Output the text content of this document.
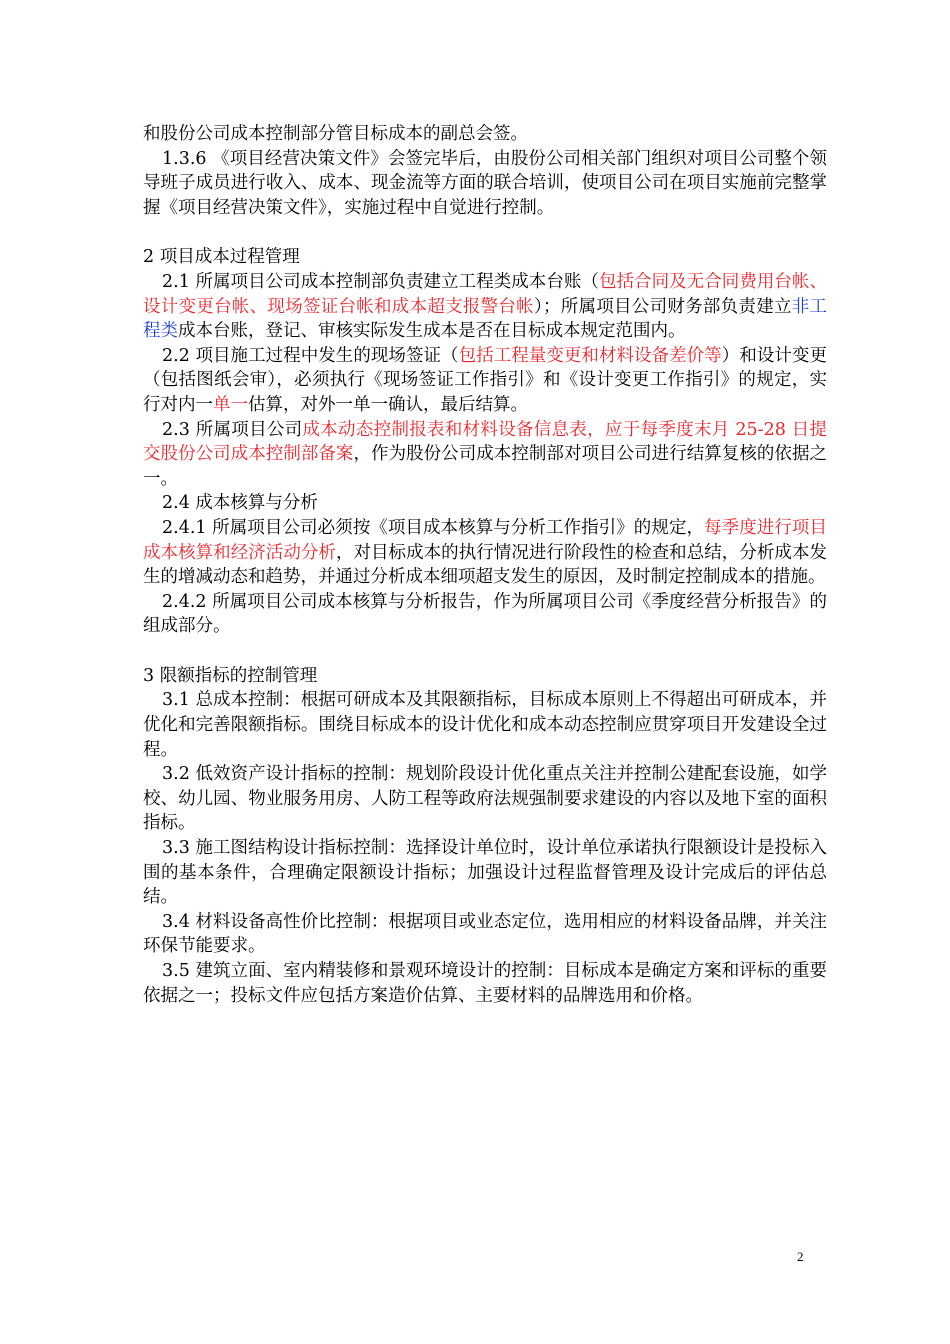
和股份公司成本控制部分管目标成本的副总会签。

1.3.6 《项目经营决策文件》会签完毕后，由股份公司相关部门组织对项目公司整个领导班子成员进行收入、成本、现金流等方面的联合培训，使项目公司在项目实施前完整掌握《项目经营决策文件》，实施过程中自觉进行控制。

2 项目成本过程管理

2.1 所属项目公司成本控制部负责建立工程类成本台账（包括合同及无合同费用台帐、设计变更台帐、现场签证台帐和成本超支报警台帐）；所属项目公司财务部负责建立非工程类成本台账，登记、审核实际发生成本是否在目标成本规定范围内。

2.2 项目施工过程中发生的现场签证（包括工程量变更和材料设备差价等）和设计变更（包括图纸会审），必须执行《现场签证工作指引》和《设计变更工作指引》的规定，实行对内一单一估算，对外一单一确认，最后结算。

2.3 所属项目公司成本动态控制报表和材料设备信息表，应于每季度末月 25-28 日提交股份公司成本控制部备案，作为股份公司成本控制部对项目公司进行结算复核的依据之一。

2.4 成本核算与分析

2.4.1 所属项目公司必须按《项目成本核算与分析工作指引》的规定，每季度进行项目成本核算和经济活动分析，对目标成本的执行情况进行阶段性的检查和总结，分析成本发生的增减动态和趋势，并通过分析成本细项超支发生的原因，及时制定控制成本的措施。

2.4.2 所属项目公司成本核算与分析报告，作为所属项目公司《季度经营分析报告》的组成部分。

3 限额指标的控制管理

3.1 总成本控制：根据可研成本及其限额指标，目标成本原则上不得超出可研成本，并优化和完善限额指标。围绕目标成本的设计优化和成本动态控制应贯穿项目开发建设全过程。

3.2 低效资产设计指标的控制：规划阶段设计优化重点关注并控制公建配套设施，如学校、幼儿园、物业服务用房、人防工程等政府法规强制要求建设的内容以及地下室的面积指标。

3.3 施工图结构设计指标控制：选择设计单位时，设计单位承诺执行限额设计是投标入围的基本条件，合理确定限额设计指标；加强设计过程监督管理及设计完成后的评估总结。

3.4 材料设备高性价比控制：根据项目或业态定位，选用相应的材料设备品牌，并关注环保节能要求。

3.5 建筑立面、室内精装修和景观环境设计的控制：目标成本是确定方案和评标的重要依据之一；投标文件应包括方案造价估算、主要材料的品牌选用和价格。

2
